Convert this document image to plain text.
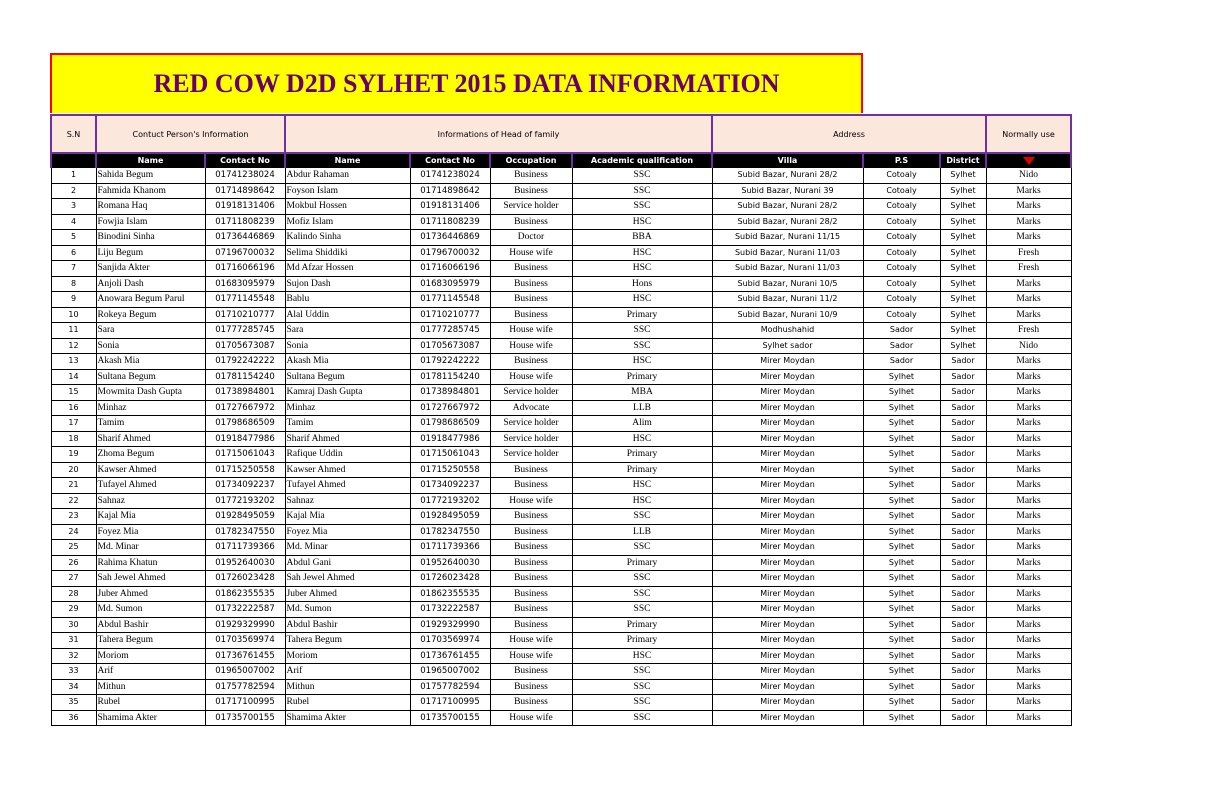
RED COW D2D SYLHET 2015 DATA INFORMATION
S.N	Contuct Person's Information		Informations of Head of family				Address			Normally use
	Name	Contact No	Name	Contact No	Occupation	Academic qualification	Villa	P.S	District	
1	Sahida Begum	01741238024	Abdur Rahaman	01741238024	Business	SSC	Subid Bazar, Nurani 28/2	Cotoaly	Sylhet	Nido
2	Fahmida Khanom	01714898642	Foyson Islam	01714898642	Business	SSC	Subid Bazar, Nurani 39	Cotoaly	Sylhet	Marks
3	Romana Haq	01918131406	Mokbul Hossen	01918131406	Service holder	SSC	Subid Bazar, Nurani 28/2	Cotoaly	Sylhet	Marks
4	Fowjia Islam	01711808239	Mofiz Islam	01711808239	Business	HSC	Subid Bazar, Nurani 28/2	Cotoaly	Sylhet	Marks
5	Binodini Sinha	01736446869	Kalindo Sinha	01736446869	Doctor	BBA	Subid Bazar, Nurani 11/15	Cotoaly	Sylhet	Marks
6	Liju Begum	07196700032	Selima Shiddiki	01796700032	House wife	HSC	Subid Bazar, Nurani 11/03	Cotoaly	Sylhet	Fresh
7	Sanjida Akter	01716066196	Md Afzar Hossen	01716066196	Business	HSC	Subid Bazar, Nurani 11/03	Cotoaly	Sylhet	Fresh
8	Anjoli Dash	01683095979	Sujon Dash	01683095979	Business	Hons	Subid Bazar, Nurani 10/5	Cotoaly	Sylhet	Marks
9	Anowara Begum Parul	01771145548	Bablu	01771145548	Business	HSC	Subid Bazar, Nurani 11/2	Cotoaly	Sylhet	Marks
10	Rokeya Begum	01710210777	Alal Uddin	01710210777	Business	Primary	Subid Bazar, Nurani 10/9	Cotoaly	Sylhet	Marks
11	Sara	01777285745	Sara	01777285745	House wife	SSC	Modhushahid	Sador	Sylhet	Fresh
12	Sonia	01705673087	Sonia	01705673087	House wife	SSC	Sylhet sador	Sador	Sylhet	Nido
13	Akash Mia	01792242222	Akash Mia	01792242222	Business	HSC	Mirer Moydan	Sador	Sador	Marks
14	Sultana Begum	01781154240	Sultana Begum	01781154240	House wife	Primary	Mirer Moydan	Sylhet	Sador	Marks
15	Mowmita Dash Gupta	01738984801	Kamraj Dash Gupta	01738984801	Service holder	MBA	Mirer Moydan	Sylhet	Sador	Marks
16	Minhaz	01727667972	Minhaz	01727667972	Advocate	LLB	Mirer Moydan	Sylhet	Sador	Marks
17	Tamim	01798686509	Tamim	01798686509	Service holder	Alim	Mirer Moydan	Sylhet	Sador	Marks
18	Sharif Ahmed	01918477986	Sharif Ahmed	01918477986	Service holder	HSC	Mirer Moydan	Sylhet	Sador	Marks
19	Zhoma Begum	01715061043	Rafique Uddin	01715061043	Service holder	Primary	Mirer Moydan	Sylhet	Sador	Marks
20	Kawser Ahmed	01715250558	Kawser Ahmed	01715250558	Business	Primary	Mirer Moydan	Sylhet	Sador	Marks
21	Tufayel Ahmed	01734092237	Tufayel Ahmed	01734092237	Business	HSC	Mirer Moydan	Sylhet	Sador	Marks
22	Sahnaz	01772193202	Sahnaz	01772193202	House wife	HSC	Mirer Moydan	Sylhet	Sador	Marks
23	Kajal Mia	01928495059	Kajal Mia	01928495059	Business	SSC	Mirer Moydan	Sylhet	Sador	Marks
24	Foyez Mia	01782347550	Foyez Mia	01782347550	Business	LLB	Mirer Moydan	Sylhet	Sador	Marks
25	Md. Minar	01711739366	Md. Minar	01711739366	Business	SSC	Mirer Moydan	Sylhet	Sador	Marks
26	Rahima Khatun	01952640030	Abdul Gani	01952640030	Business	Primary	Mirer Moydan	Sylhet	Sador	Marks
27	Sah Jewel Ahmed	01726023428	Sah Jewel Ahmed	01726023428	Business	SSC	Mirer Moydan	Sylhet	Sador	Marks
28	Juber Ahmed	01862355535	Juber Ahmed	01862355535	Business	SSC	Mirer Moydan	Sylhet	Sador	Marks
29	Md. Sumon	01732222587	Md. Sumon	01732222587	Business	SSC	Mirer Moydan	Sylhet	Sador	Marks
30	Abdul Bashir	01929329990	Abdul Bashir	01929329990	Business	Primary	Mirer Moydan	Sylhet	Sador	Marks
31	Tahera Begum	01703569974	Tahera Begum	01703569974	House wife	Primary	Mirer Moydan	Sylhet	Sador	Marks
32	Moriom	01736761455	Moriom	01736761455	House wife	HSC	Mirer Moydan	Sylhet	Sador	Marks
33	Arif	01965007002	Arif	01965007002	Business	SSC	Mirer Moydan	Sylhet	Sador	Marks
34	Mithun	01757782594	Mithun	01757782594	Business	SSC	Mirer Moydan	Sylhet	Sador	Marks
35	Rubel	01717100995	Rubel	01717100995	Business	SSC	Mirer Moydan	Sylhet	Sador	Marks
36	Shamima Akter	01735700155	Shamima Akter	01735700155	House wife	SSC	Mirer Moydan	Sylhet	Sador	Marks
